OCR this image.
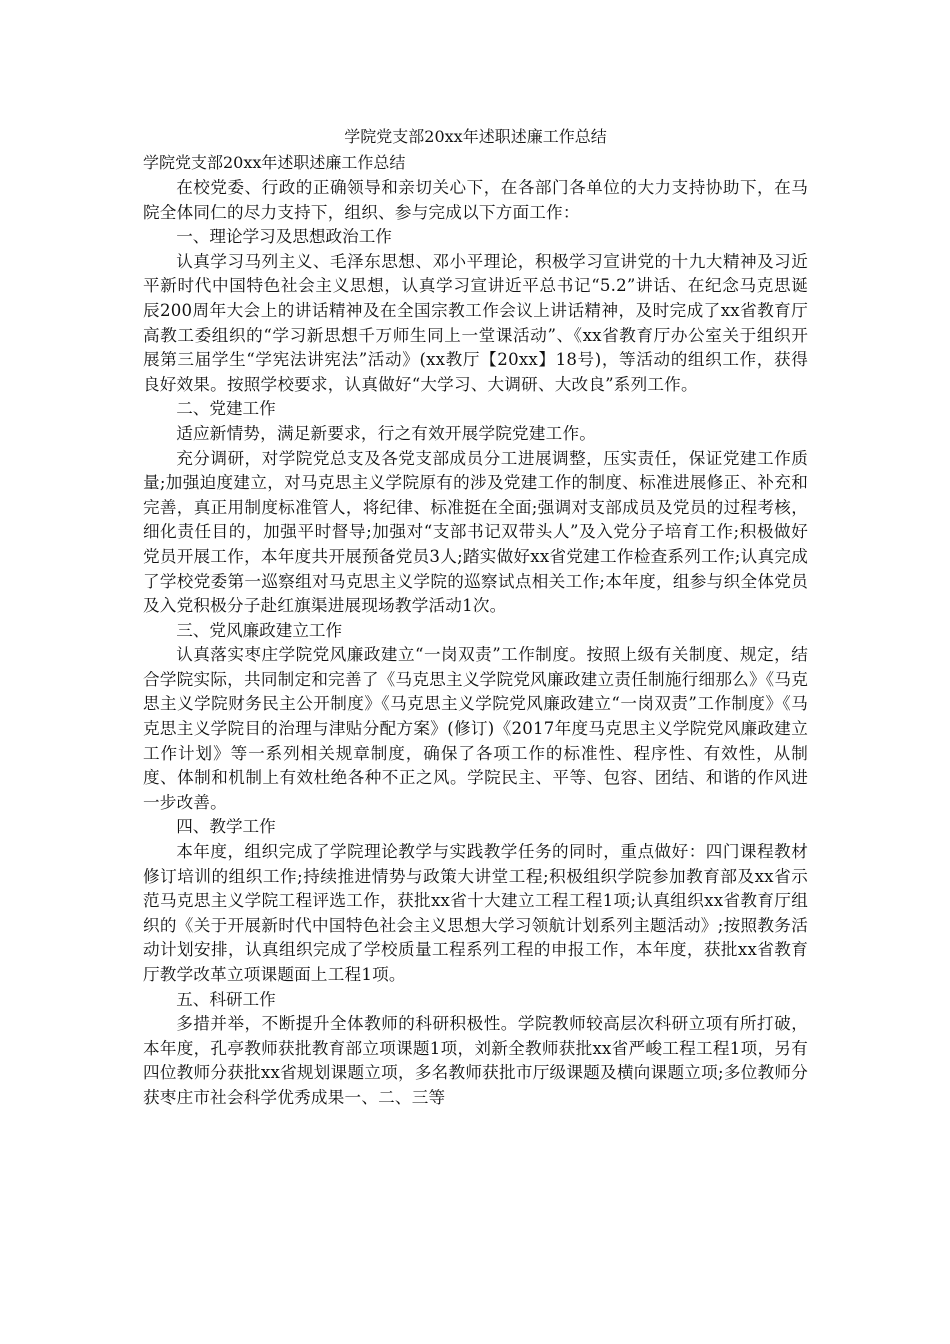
学院党支部20xx年述职述廉工作总结

学院党支部20xx年述职述廉工作总结

在校党委、行政的正确领导和亲切关心下，在各部门各单位的大力支持协助下，在马院全体同仁的尽力支持下，组织、参与完成以下方面工作：

一、理论学习及思想政治工作

认真学习马列主义、毛泽东思想、邓小平理论，积极学习宣讲党的十九大精神及习近平新时代中国特色社会主义思想，认真学习宣讲近平总书记“5.2”讲话、在纪念马克思诞辰200周年大会上的讲话精神及在全国宗教工作会议上讲话精神，及时完成了xx省教育厅高教工委组织的“学习新思想千万师生同上一堂课活动”、《xx省教育厅办公室关于组织开展第三届学生“学宪法讲宪法”活动》(xx教厅【20xx】18号)，等活动的组织工作，获得良好效果。按照学校要求，认真做好“大学习、大调研、大改良”系列工作。

二、党建工作

适应新情势，满足新要求，行之有效开展学院党建工作。

充分调研，对学院党总支及各党支部成员分工进展调整，压实责任，保证党建工作质量;加强迫度建立，对马克思主义学院原有的涉及党建工作的制度、标准进展修正、补充和完善，真正用制度标准管人，将纪律、标准挺在全面;强调对支部成员及党员的过程考核，细化责任目的，加强平时督导;加强对“支部书记双带头人”及入党分子培育工作;积极做好党员开展工作，本年度共开展预备党员3人;踏实做好xx省党建工作检查系列工作;认真完成了学校党委第一巡察组对马克思主义学院的巡察试点相关工作;本年度，组参与织全体党员及入党积极分子赴红旗渠进展现场教学活动1次。

三、党风廉政建立工作

认真落实枣庄学院党风廉政建立“一岗双责”工作制度。按照上级有关制度、规定，结合学院实际，共同制定和完善了《马克思主义学院党风廉政建立责任制施行细那么》《马克思主义学院财务民主公开制度》《马克思主义学院党风廉政建立“一岗双责”工作制度》《马克思主义学院目的治理与津贴分配方案》(修订)《2017年度马克思主义学院党风廉政建立工作计划》等一系列相关规章制度，确保了各项工作的标准性、程序性、有效性，从制度、体制和机制上有效杜绝各种不正之风。学院民主、平等、包容、团结、和谐的作风进一步改善。

四、教学工作

本年度，组织完成了学院理论教学与实践教学任务的同时，重点做好：四门课程教材修订培训的组织工作;持续推进情势与政策大讲堂工程;积极组织学院参加教育部及xx省示范马克思主义学院工程评选工作，获批xx省十大建立工程工程1项;认真组织xx省教育厅组织的《关于开展新时代中国特色社会主义思想大学习领航计划系列主题活动》;按照教务活动计划安排，认真组织完成了学校质量工程系列工程的申报工作，本年度，获批xx省教育厅教学改革立项课题面上工程1项。

五、科研工作

多措并举，不断提升全体教师的科研积极性。学院教师较高层次科研立项有所打破，本年度，孔亭教师获批教育部立项课题1项，刘新全教师获批xx省严峻工程工程1项，另有四位教师分获批xx省规划课题立项，多名教师获批市厅级课题及横向课题立项;多位教师分获枣庄市社会科学优秀成果一、二、三等
